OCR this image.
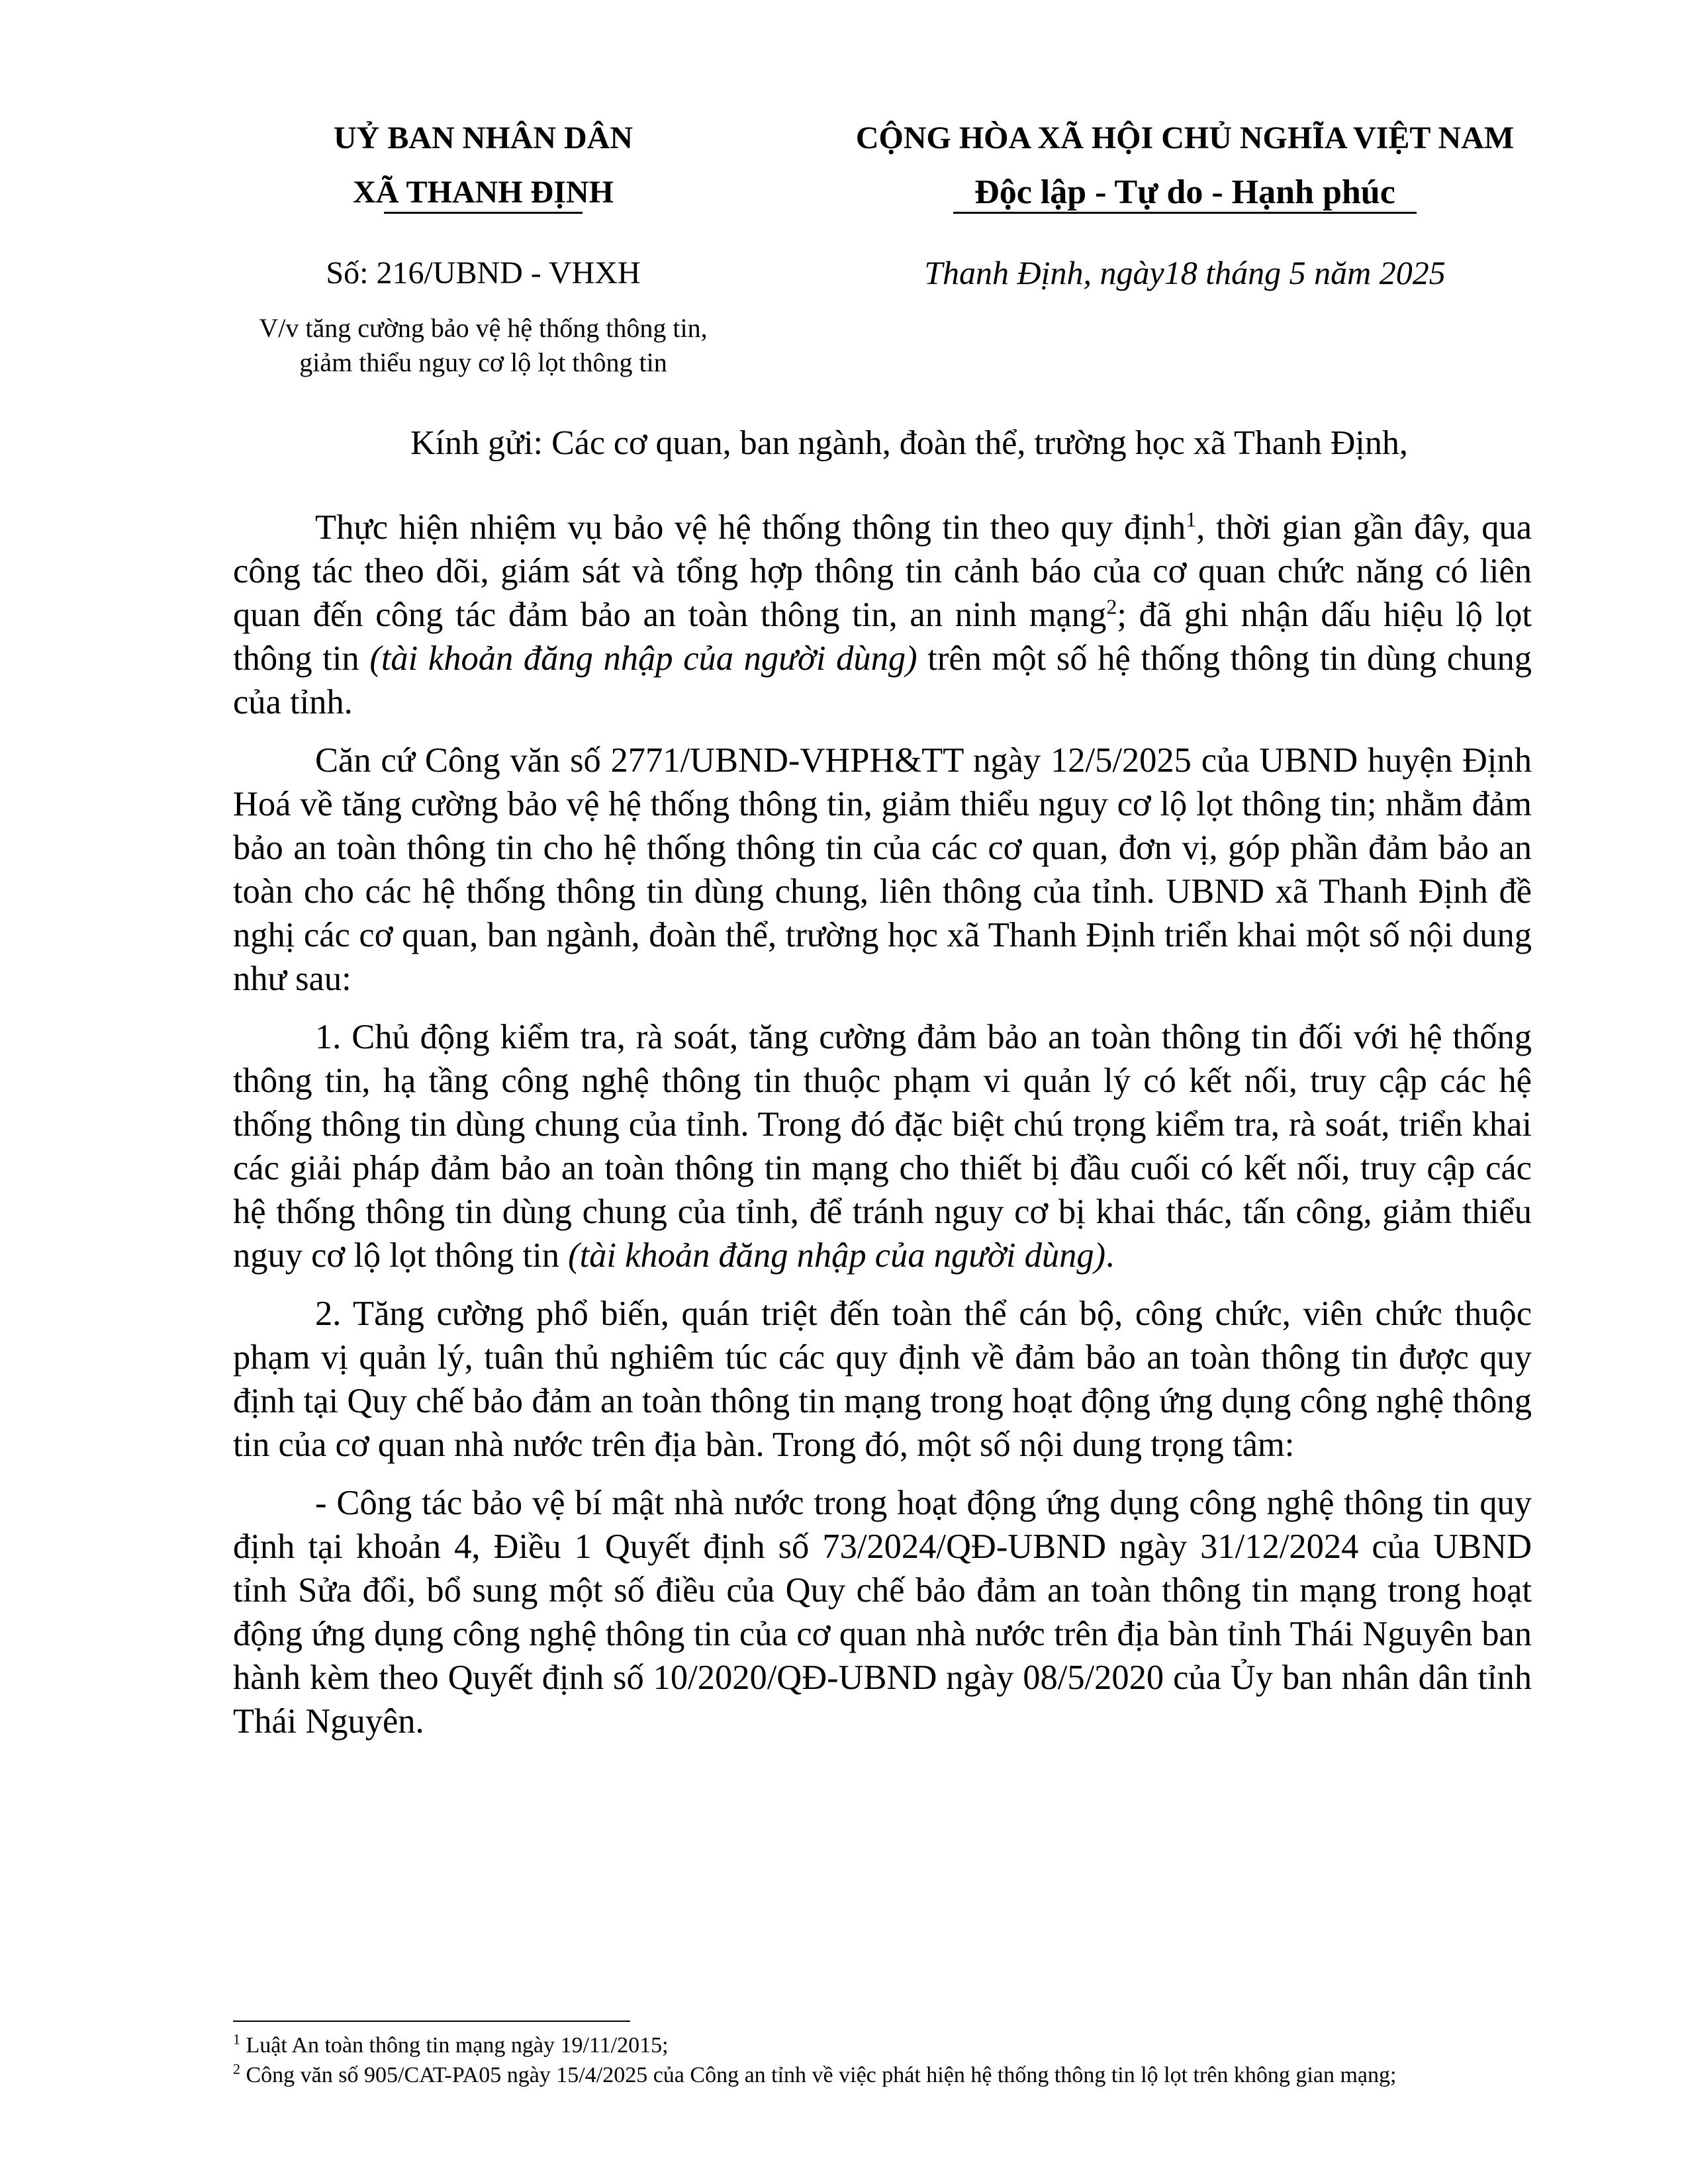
UỶ BAN NHÂN DÂN
XÃ THANH ĐỊNH
Số: 216/UBND - VHXH
V/v tăng cường bảo vệ hệ thống thông tin,
giảm thiểu nguy cơ lộ lọt thông tin
CỘNG HÒA XÃ HỘI CHỦ NGHĨA VIỆT NAM
Độc lập - Tự do - Hạnh phúc
Thanh Định, ngày18 tháng 5 năm 2025
Kính gửi: Các cơ quan, ban ngành, đoàn thể, trường học xã Thanh Định,

Thực hiện nhiệm vụ bảo vệ hệ thống thông tin theo quy định$^1$, thời gian gần đây, qua công tác theo dõi, giám sát và tổng hợp thông tin cảnh báo của cơ quan chức năng có liên quan đến công tác đảm bảo an toàn thông tin, an ninh mạng$^2$; đã ghi nhận dấu hiệu lộ lọt thông tin (tài khoản đăng nhập của người dùng) trên một số hệ thống thông tin dùng chung của tỉnh.

Căn cứ Công văn số 2771/UBND-VHPH&TT ngày 12/5/2025 của UBND huyện Định Hoá về tăng cường bảo vệ hệ thống thông tin, giảm thiểu nguy cơ lộ lọt thông tin; nhằm đảm bảo an toàn thông tin cho hệ thống thông tin của các cơ quan, đơn vị, góp phần đảm bảo an toàn cho các hệ thống thông tin dùng chung, liên thông của tỉnh. UBND xã Thanh Định đề nghị các cơ quan, ban ngành, đoàn thể, trường học xã Thanh Định triển khai một số nội dung như sau:

1. Chủ động kiểm tra, rà soát, tăng cường đảm bảo an toàn thông tin đối với hệ thống thông tin, hạ tầng công nghệ thông tin thuộc phạm vi quản lý có kết nối, truy cập các hệ thống thông tin dùng chung của tỉnh. Trong đó đặc biệt chú trọng kiểm tra, rà soát, triển khai các giải pháp đảm bảo an toàn thông tin mạng cho thiết bị đầu cuối có kết nối, truy cập các hệ thống thông tin dùng chung của tỉnh, để tránh nguy cơ bị khai thác, tấn công, giảm thiểu nguy cơ lộ lọt thông tin (tài khoản đăng nhập của người dùng).

2. Tăng cường phổ biến, quán triệt đến toàn thể cán bộ, công chức, viên chức thuộc phạm vị quản lý, tuân thủ nghiêm túc các quy định về đảm bảo an toàn thông tin được quy định tại Quy chế bảo đảm an toàn thông tin mạng trong hoạt động ứng dụng công nghệ thông tin của cơ quan nhà nước trên địa bàn. Trong đó, một số nội dung trọng tâm:

- Công tác bảo vệ bí mật nhà nước trong hoạt động ứng dụng công nghệ thông tin quy định tại khoản 4, Điều 1 Quyết định số 73/2024/QĐ-UBND ngày 31/12/2024 của UBND tỉnh Sửa đổi, bổ sung một số điều của Quy chế bảo đảm an toàn thông tin mạng trong hoạt động ứng dụng công nghệ thông tin của cơ quan nhà nước trên địa bàn tỉnh Thái Nguyên ban hành kèm theo Quyết định số 10/2020/QĐ-UBND ngày 08/5/2020 của Ủy ban nhân dân tỉnh Thái Nguyên.

$^1$ Luật An toàn thông tin mạng ngày 19/11/2015;
$^2$ Công văn số 905/CAT-PA05 ngày 15/4/2025 của Công an tỉnh về việc phát hiện hệ thống thông tin lộ lọt trên không gian mạng;
